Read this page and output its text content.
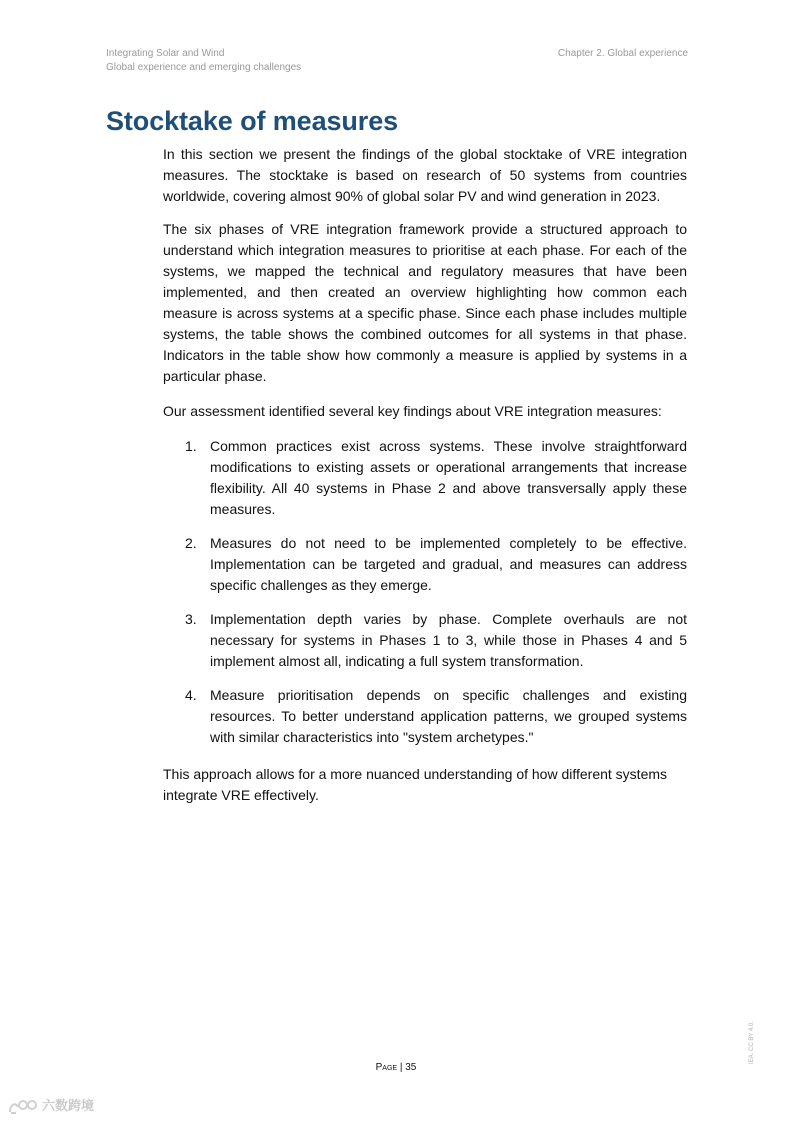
Integrating Solar and Wind
Global experience and emerging challenges
Chapter 2. Global experience
Stocktake of measures

In this section we present the findings of the global stocktake of VRE integration measures. The stocktake is based on research of 50 systems from countries worldwide, covering almost 90% of global solar PV and wind generation in 2023.

The six phases of VRE integration framework provide a structured approach to understand which integration measures to prioritise at each phase. For each of the systems, we mapped the technical and regulatory measures that have been implemented, and then created an overview highlighting how common each measure is across systems at a specific phase. Since each phase includes multiple systems, the table shows the combined outcomes for all systems in that phase. Indicators in the table show how commonly a measure is applied by systems in a particular phase.

Our assessment identified several key findings about VRE integration measures:

1. Common practices exist across systems. These involve straightforward modifications to existing assets or operational arrangements that increase flexibility. All 40 systems in Phase 2 and above transversally apply these measures.
2. Measures do not need to be implemented completely to be effective. Implementation can be targeted and gradual, and measures can address specific challenges as they emerge.
3. Implementation depth varies by phase. Complete overhauls are not necessary for systems in Phases 1 to 3, while those in Phases 4 and 5 implement almost all, indicating a full system transformation.
4. Measure prioritisation depends on specific challenges and existing resources. To better understand application patterns, we grouped systems with similar characteristics into "system archetypes."

This approach allows for a more nuanced understanding of how different systems integrate VRE effectively.

Page | 35
IEA. CC BY 4.0.
六数跨境
